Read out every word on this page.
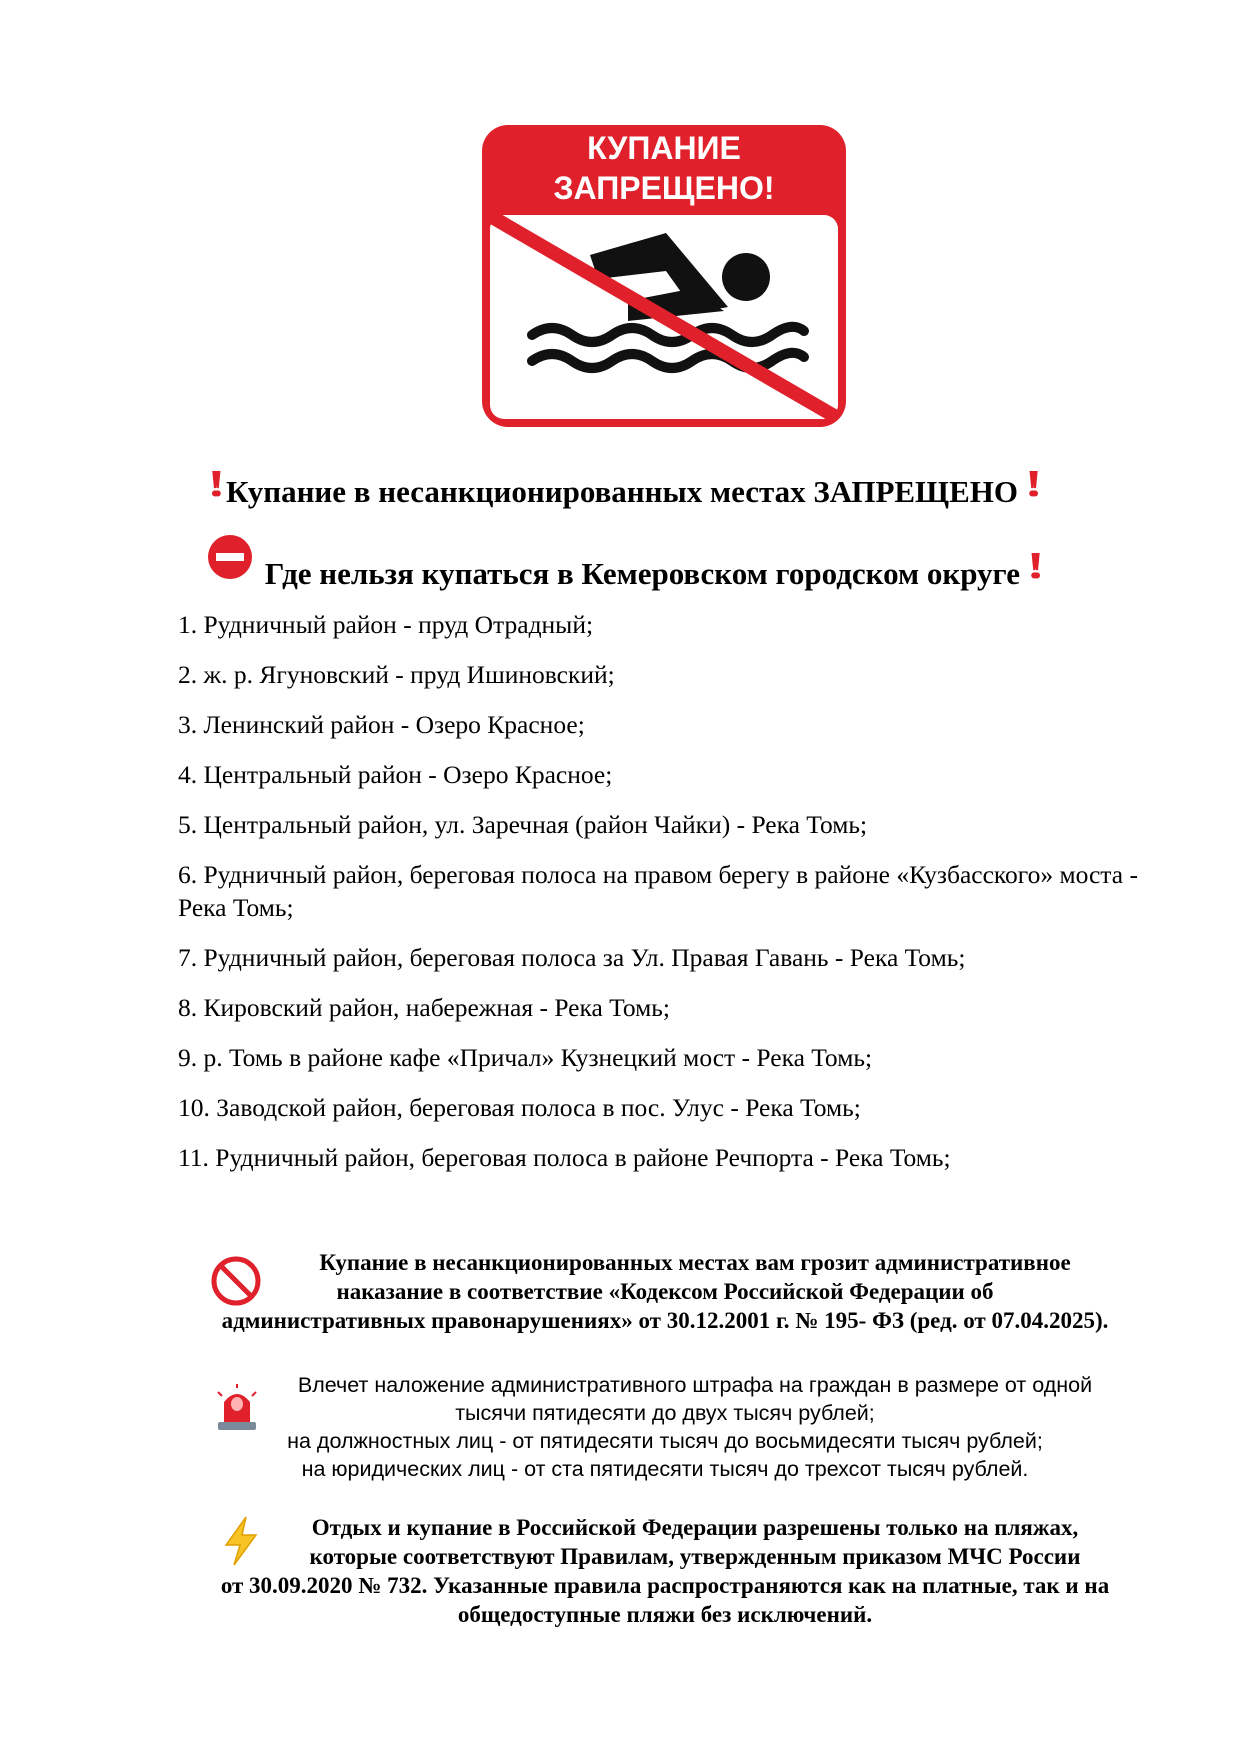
КУПАНИЕ
ЗАПРЕЩЕНО!
!! Купание в несанкционированных местах ЗАПРЕЩЕНО !!
Где нельзя купаться в Кемеровском городском округе !!
1. Рудничный район - пруд Отрадный;
2. ж. р. Ягуновский - пруд Ишиновский;
3. Ленинский район - Озеро Красное;
4. Центральный район - Озеро Красное;
5. Центральный район, ул. Заречная (район Чайки) - Река Томь;
6. Рудничный район, береговая полоса на правом берегу в районе «Кузбасского» моста - Река Томь;
7. Рудничный район, береговая полоса за Ул. Правая Гавань - Река Томь;
8. Кировский район, набережная - Река Томь;
9. р. Томь в районе кафе «Причал» Кузнецкий мост - Река Томь;
10. Заводской район, береговая полоса в пос. Улус - Река Томь;
11. Рудничный район, береговая полоса в районе Речпорта - Река Томь;

Купание в несанкционированных местах вам грозит административное

наказание в соответствие «Кодексом Российской Федерации об

административных правонарушениях» от 30.12.2001 г. № 195- ФЗ (ред. от 07.04.2025).

Влечет наложение административного штрафа на граждан в размере от одной

тысячи пятидесяти до двух тысяч рублей;

на должностных лиц - от пятидесяти тысяч до восьмидесяти тысяч рублей;

на юридических лиц - от ста пятидесяти тысяч до трехсот тысяч рублей.

Отдых и купание в Российской Федерации разрешены только на пляжах,

которые соответствуют Правилам, утвержденным приказом МЧС России

от 30.09.2020 № 732. Указанные правила распространяются как на платные, так и на

общедоступные пляжи без исключений.
